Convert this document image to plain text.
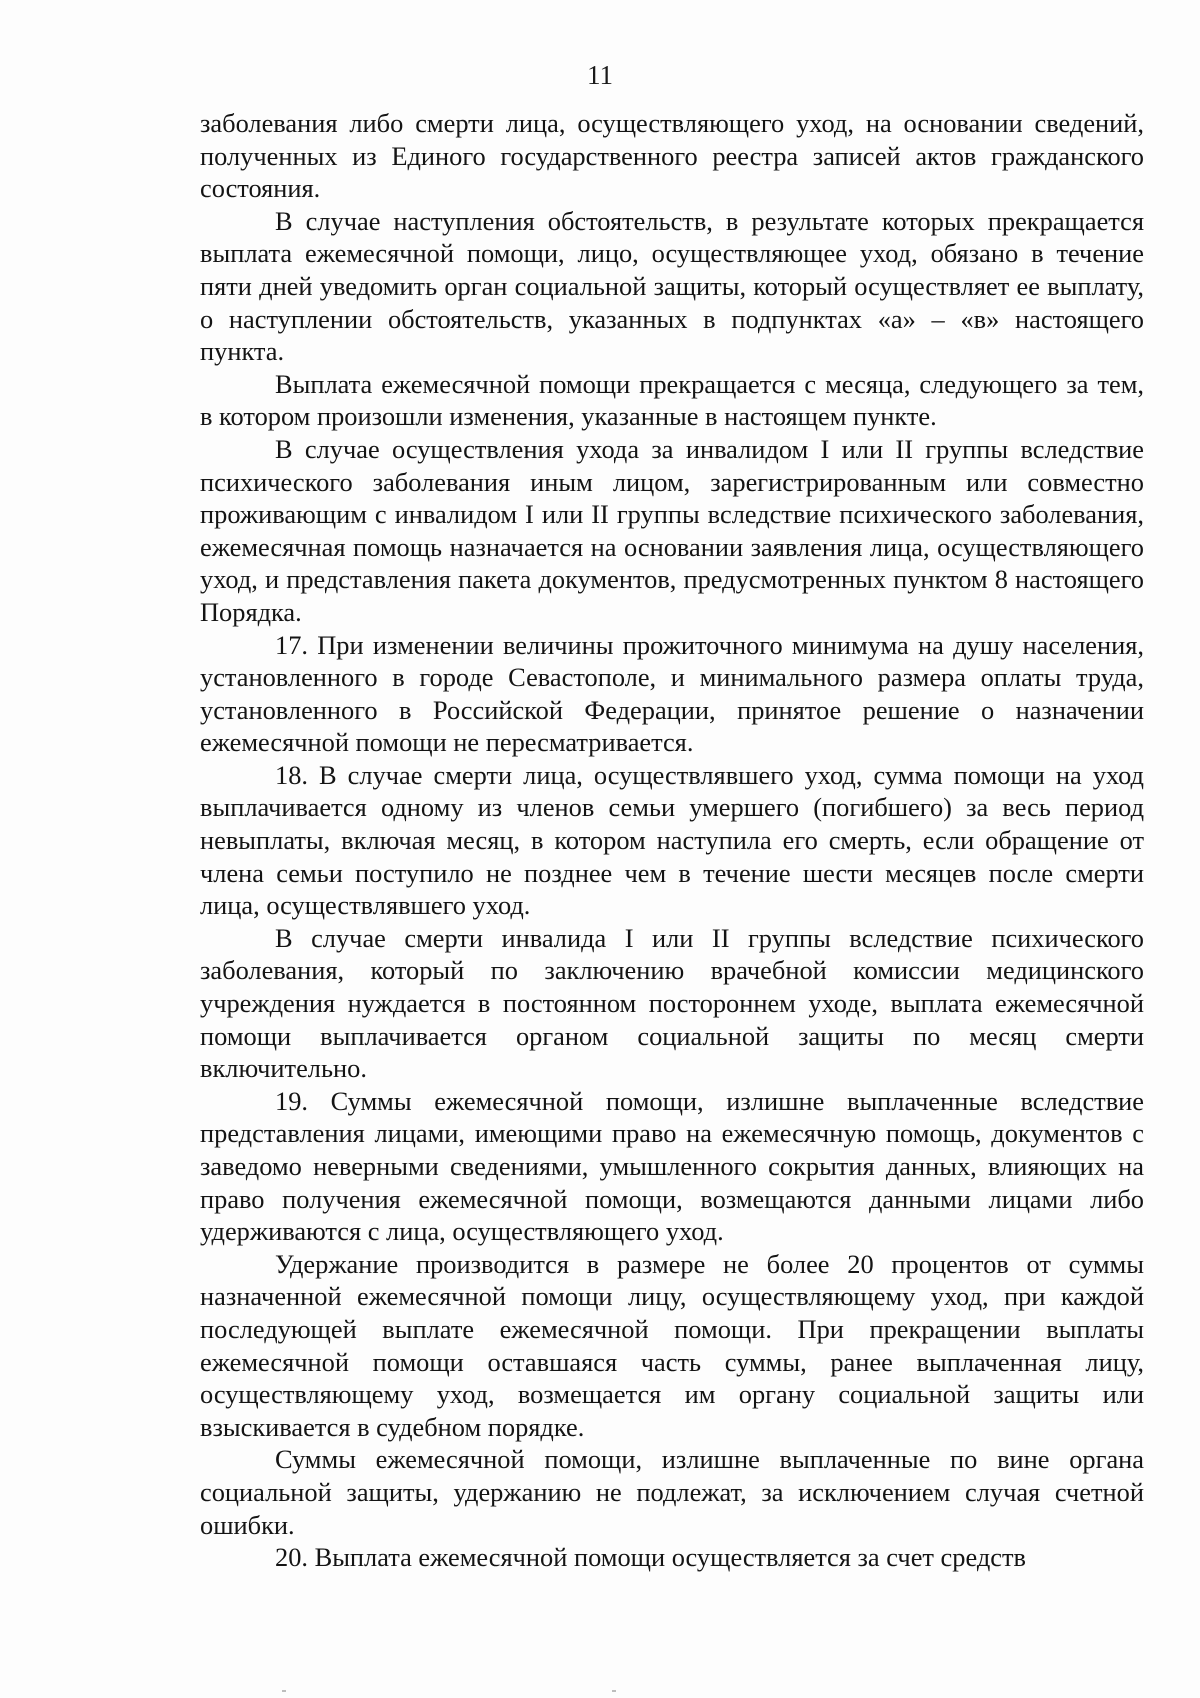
11

заболевания либо смерти лица, осуществляющего уход, на основании сведений, полученных из Единого государственного реестра записей актов гражданского состояния.

В случае наступления обстоятельств, в результате которых прекращается выплата ежемесячной помощи, лицо, осуществляющее уход, обязано в течение пяти дней уведомить орган социальной защиты, который осуществляет ее выплату, о наступлении обстоятельств, указанных в подпунктах «а» – «в» настоящего пункта.

Выплата ежемесячной помощи прекращается с месяца, следующего за тем, в котором произошли изменения, указанные в настоящем пункте.

В случае осуществления ухода за инвалидом I или II группы вследствие психического заболевания иным лицом, зарегистрированным или совместно проживающим с инвалидом I или II группы вследствие психического заболевания, ежемесячная помощь назначается на основании заявления лица, осуществляющего уход, и представления пакета документов, предусмотренных пунктом 8 настоящего Порядка.

17. При изменении величины прожиточного минимума на душу населения, установленного в городе Севастополе, и минимального размера оплаты труда, установленного в Российской Федерации, принятое решение о назначении ежемесячной помощи не пересматривается.

18. В случае смерти лица, осуществлявшего уход, сумма помощи на уход выплачивается одному из членов семьи умершего (погибшего) за весь период невыплаты, включая месяц, в котором наступила его смерть, если обращение от члена семьи поступило не позднее чем в течение шести месяцев после смерти лица, осуществлявшего уход.

В случае смерти инвалида I или II группы вследствие психического заболевания, который по заключению врачебной комиссии медицинского учреждения нуждается в постоянном постороннем уходе, выплата ежемесячной помощи выплачивается органом социальной защиты по месяц смерти включительно.

19. Суммы ежемесячной помощи, излишне выплаченные вследствие представления лицами, имеющими право на ежемесячную помощь, документов с заведомо неверными сведениями, умышленного сокрытия данных, влияющих на право получения ежемесячной помощи, возмещаются данными лицами либо удерживаются с лица, осуществляющего уход.

Удержание производится в размере не более 20 процентов от суммы назначенной ежемесячной помощи лицу, осуществляющему уход, при каждой последующей выплате ежемесячной помощи. При прекращении выплаты ежемесячной помощи оставшаяся часть суммы, ранее выплаченная лицу, осуществляющему уход, возмещается им органу социальной защиты или взыскивается в судебном порядке.

Суммы ежемесячной помощи, излишне выплаченные по вине органа социальной защиты, удержанию не подлежат, за исключением случая счетной ошибки.

20. Выплата ежемесячной помощи осуществляется за счет средств
